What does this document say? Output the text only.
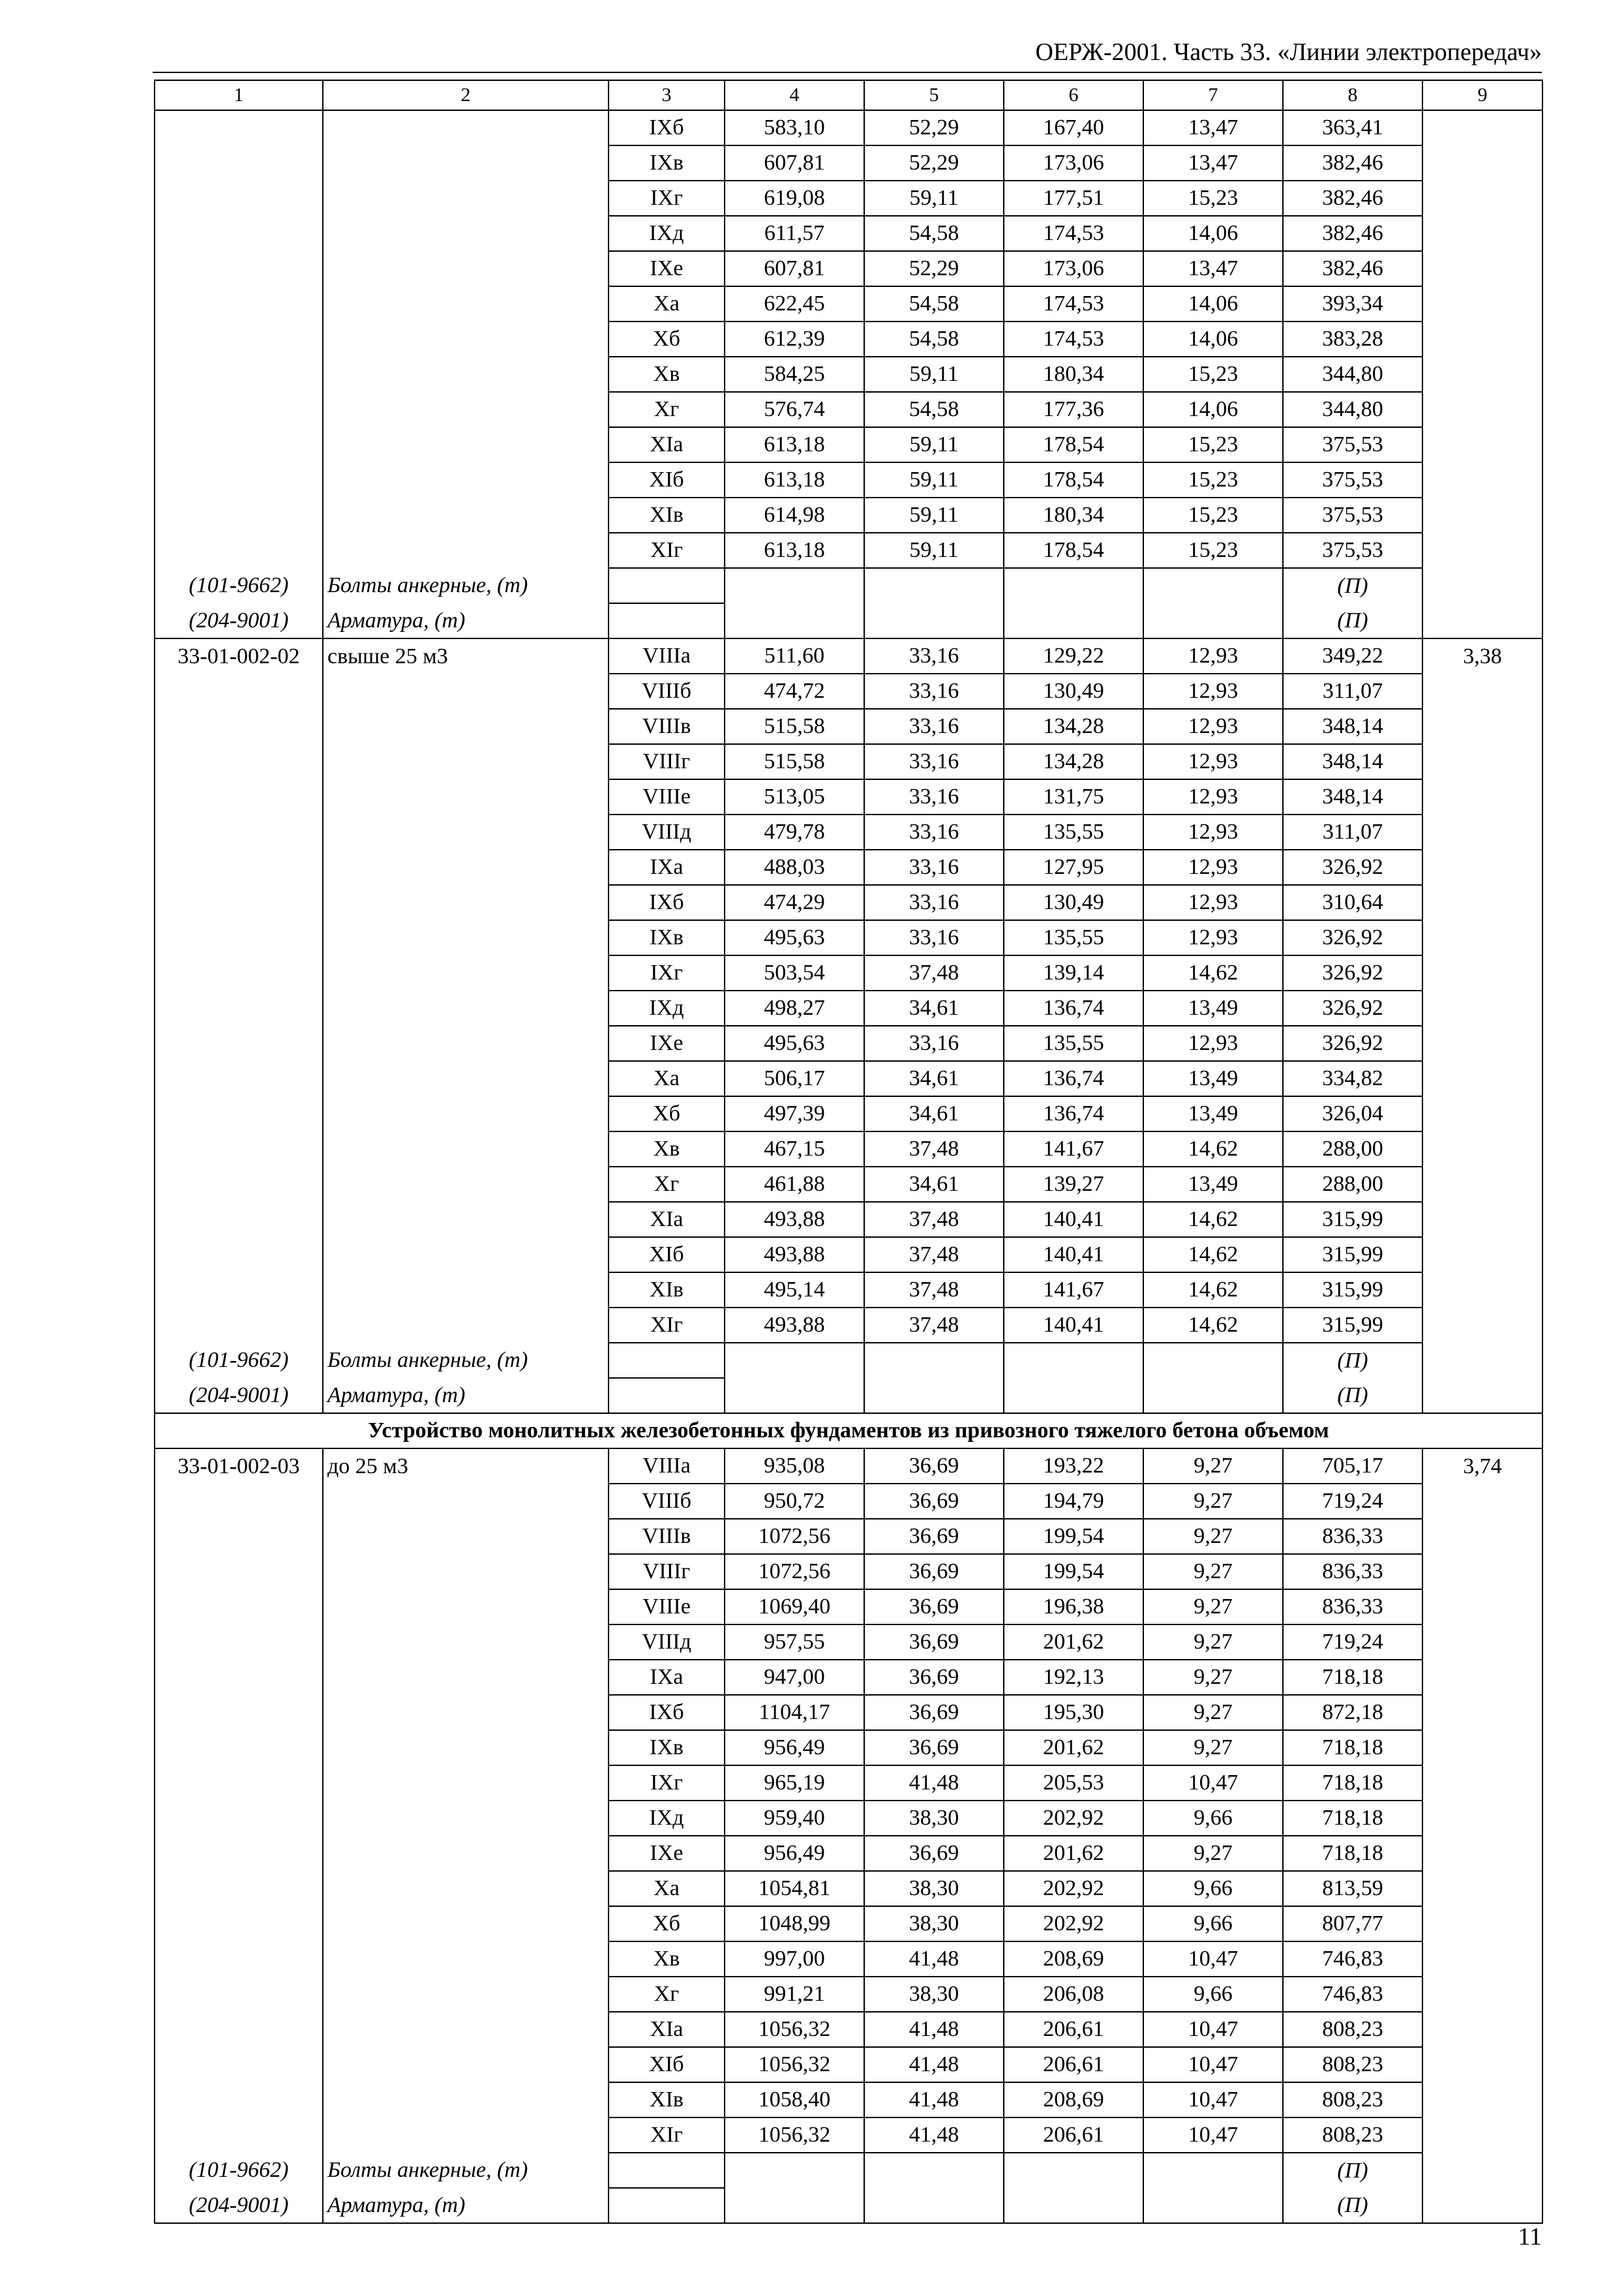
ОЕРЖ-2001. Часть 33. «Линии электропередач»
1	2	3	4	5	6	7	8	9
		IXб	583,10	52,29	167,40	13,47	363,41	
		IXв	607,81	52,29	173,06	13,47	382,46	
		IXг	619,08	59,11	177,51	15,23	382,46	
		IXд	611,57	54,58	174,53	14,06	382,46	
		IXе	607,81	52,29	173,06	13,47	382,46	
		Xа	622,45	54,58	174,53	14,06	393,34	
		Xб	612,39	54,58	174,53	14,06	383,28	
		Xв	584,25	59,11	180,34	15,23	344,80	
		Xг	576,74	54,58	177,36	14,06	344,80	
		XIа	613,18	59,11	178,54	15,23	375,53	
		XIб	613,18	59,11	178,54	15,23	375,53	
		XIв	614,98	59,11	180,34	15,23	375,53	
		XIг	613,18	59,11	178,54	15,23	375,53	
(101-9662)	Болты анкерные, (т)						(П)	
(204-9001)	Арматура, (т)						(П)	
33-01-002-02	свыше 25 м3	VIIIа	511,60	33,16	129,22	12,93	349,22	3,38
		VIIIб	474,72	33,16	130,49	12,93	311,07	
		VIIIв	515,58	33,16	134,28	12,93	348,14	
		VIIIг	515,58	33,16	134,28	12,93	348,14	
		VIIIе	513,05	33,16	131,75	12,93	348,14	
		VIIIд	479,78	33,16	135,55	12,93	311,07	
		IXа	488,03	33,16	127,95	12,93	326,92	
		IXб	474,29	33,16	130,49	12,93	310,64	
		IXв	495,63	33,16	135,55	12,93	326,92	
		IXг	503,54	37,48	139,14	14,62	326,92	
		IXд	498,27	34,61	136,74	13,49	326,92	
		IXе	495,63	33,16	135,55	12,93	326,92	
		Xа	506,17	34,61	136,74	13,49	334,82	
		Xб	497,39	34,61	136,74	13,49	326,04	
		Xв	467,15	37,48	141,67	14,62	288,00	
		Xг	461,88	34,61	139,27	13,49	288,00	
		XIа	493,88	37,48	140,41	14,62	315,99	
		XIб	493,88	37,48	140,41	14,62	315,99	
		XIв	495,14	37,48	141,67	14,62	315,99	
		XIг	493,88	37,48	140,41	14,62	315,99	
(101-9662)	Болты анкерные, (т)						(П)	
(204-9001)	Арматура, (т)						(П)	
Устройство монолитных железобетонных фундаментов из привозного тяжелого бетона объемом								
33-01-002-03	до 25 м3	VIIIа	935,08	36,69	193,22	9,27	705,17	3,74
		VIIIб	950,72	36,69	194,79	9,27	719,24	
		VIIIв	1072,56	36,69	199,54	9,27	836,33	
		VIIIг	1072,56	36,69	199,54	9,27	836,33	
		VIIIе	1069,40	36,69	196,38	9,27	836,33	
		VIIIд	957,55	36,69	201,62	9,27	719,24	
		IXа	947,00	36,69	192,13	9,27	718,18	
		IXб	1104,17	36,69	195,30	9,27	872,18	
		IXв	956,49	36,69	201,62	9,27	718,18	
		IXг	965,19	41,48	205,53	10,47	718,18	
		IXд	959,40	38,30	202,92	9,66	718,18	
		IXе	956,49	36,69	201,62	9,27	718,18	
		Xа	1054,81	38,30	202,92	9,66	813,59	
		Xб	1048,99	38,30	202,92	9,66	807,77	
		Xв	997,00	41,48	208,69	10,47	746,83	
		Xг	991,21	38,30	206,08	9,66	746,83	
		XIа	1056,32	41,48	206,61	10,47	808,23	
		XIб	1056,32	41,48	206,61	10,47	808,23	
		XIв	1058,40	41,48	208,69	10,47	808,23	
		XIг	1056,32	41,48	206,61	10,47	808,23	
(101-9662)	Болты анкерные, (т)						(П)	
(204-9001)	Арматура, (т)						(П)	
11
